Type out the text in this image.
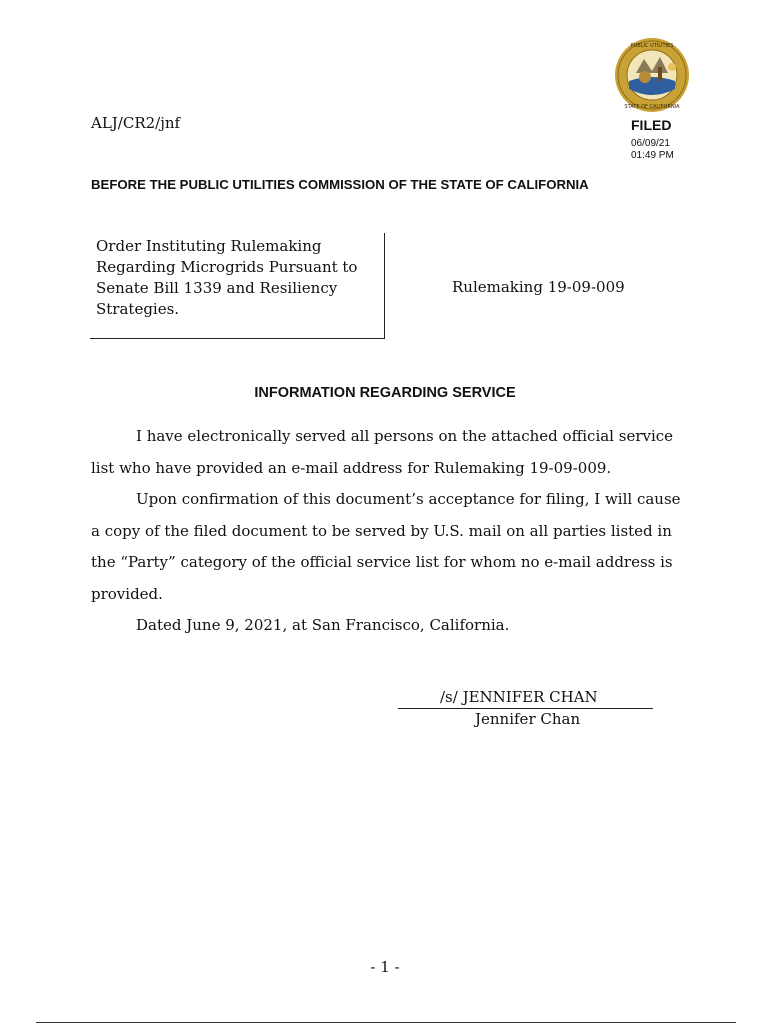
PUBLIC UTILITIES
STATE OF CALIFORNIA
ALJ/CR2/jnf	FILED
06/09/21
01:49 PM
BEFORE THE PUBLIC UTILITIES COMMISSION OF THE STATE OF CALIFORNIA
Order Instituting Rulemaking
Regarding Microgrids Pursuant to
Senate Bill 1339 and Resiliency
Strategies.
Rulemaking 19-09-009
INFORMATION REGARDING SERVICE
I have electronically served all persons on the attached official service list who have provided an e-mail address for Rulemaking 19-09-009.
Upon confirmation of this document’s acceptance for filing, I will cause a copy of the filed document to be served by U.S. mail on all parties listed in the “Party” category of the official service list for whom no e-mail address is provided.
Dated June 9, 2021, at San Francisco, California.
/s/ JENNIFER CHAN
Jennifer Chan
- 1 -
